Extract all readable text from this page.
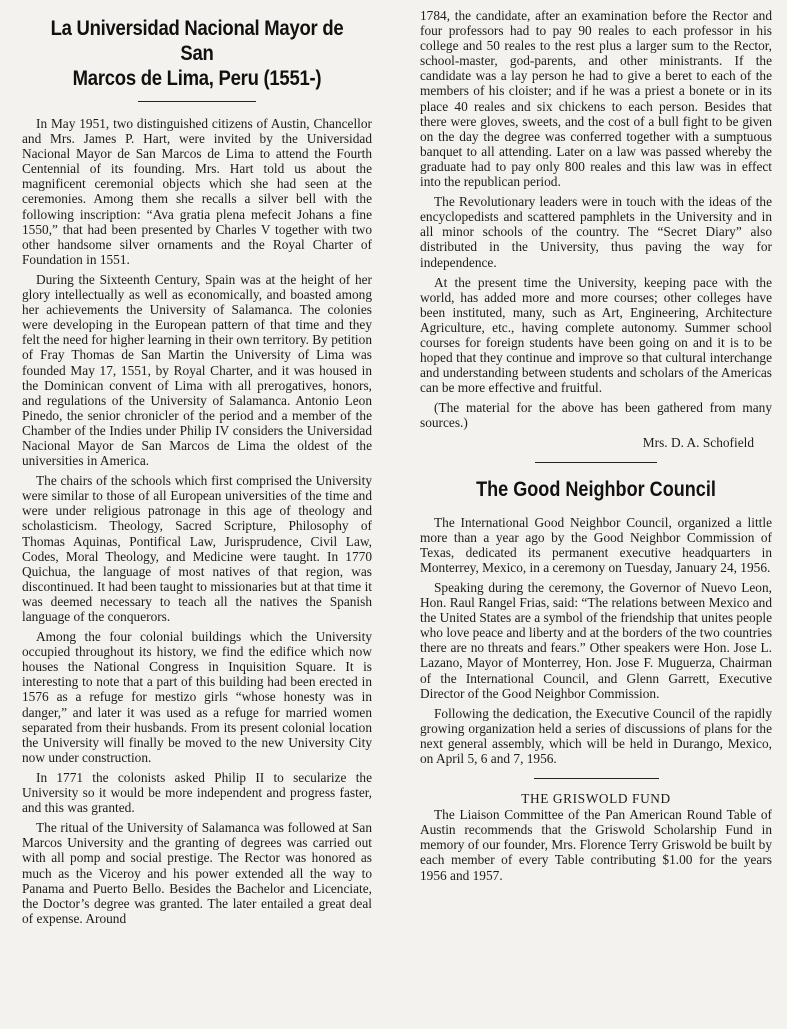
La Universidad Nacional Mayor de San
Marcos de Lima, Peru (1551-)

In May 1951, two distinguished citizens of Austin, Chancellor and Mrs. James P. Hart, were invited by the Universidad Nacional Mayor de San Marcos de Lima to attend the Fourth Centennial of its founding. Mrs. Hart told us about the magnificent ceremonial objects which she had seen at the ceremonies. Among them she recalls a silver bell with the following inscription: “Ava gratia plena mefecit Johans a fine 1550,” that had been presented by Charles V together with two other handsome silver ornaments and the Royal Charter of Foundation in 1551.

During the Sixteenth Century, Spain was at the height of her glory intellectually as well as economically, and boasted among her achievements the University of Salamanca. The colonies were developing in the European pattern of that time and they felt the need for higher learning in their own territory. By petition of Fray Thomas de San Martin the University of Lima was founded May 17, 1551, by Royal Charter, and it was housed in the Dominican convent of Lima with all prerogatives, honors, and regulations of the University of Salamanca. Antonio Leon Pinedo, the senior chronicler of the period and a member of the Chamber of the Indies under Philip IV considers the Universidad Nacional Mayor de San Marcos de Lima the oldest of the universities in America.

The chairs of the schools which first comprised the University were similar to those of all European universities of the time and were under religious patronage in this age of theology and scholasticism. Theology, Sacred Scripture, Philosophy of Thomas Aquinas, Pontifical Law, Jurisprudence, Civil Law, Codes, Moral Theology, and Medicine were taught. In 1770 Quichua, the language of most natives of that region, was discontinued. It had been taught to missionaries but at that time it was deemed necessary to teach all the natives the Spanish language of the conquerors.

Among the four colonial buildings which the University occupied throughout its history, we find the edifice which now houses the National Congress in Inquisition Square. It is interesting to note that a part of this building had been erected in 1576 as a refuge for mestizo girls “whose honesty was in danger,” and later it was used as a refuge for married women separated from their husbands. From its present colonial location the University will finally be moved to the new University City now under construction.

In 1771 the colonists asked Philip II to secularize the University so it would be more independent and progress faster, and this was granted.

The ritual of the University of Salamanca was followed at San Marcos University and the granting of degrees was carried out with all pomp and social prestige. The Rector was honored as much as the Viceroy and his power extended all the way to Panama and Puerto Bello. Besides the Bachelor and Licenciate, the Doctor’s degree was granted. The later entailed a great deal of expense. Around

1784, the candidate, after an examination before the Rector and four professors had to pay 90 reales to each professor in his college and 50 reales to the rest plus a larger sum to the Rector, school-master, god-parents, and other ministrants. If the candidate was a lay person he had to give a beret to each of the members of his cloister; and if he was a priest a bonete or in its place 40 reales and six chickens to each person. Besides that there were gloves, sweets, and the cost of a bull fight to be given on the day the degree was conferred together with a sumptuous banquet to all attending. Later on a law was passed whereby the graduate had to pay only 800 reales and this law was in effect into the republican period.

The Revolutionary leaders were in touch with the ideas of the encyclopedists and scattered pamphlets in the University and in all minor schools of the country. The “Secret Diary” also distributed in the University, thus paving the way for independence.

At the present time the University, keeping pace with the world, has added more and more courses; other colleges have been instituted, many, such as Art, Engineering, Architecture Agriculture, etc., having complete autonomy. Summer school courses for foreign students have been going on and it is to be hoped that they continue and improve so that cultural interchange and understanding between students and scholars of the Americas can be more effective and fruitful.

(The material for the above has been gathered from many sources.)

Mrs. D. A. Schofield
The Good Neighbor Council

The International Good Neighbor Council, organized a little more than a year ago by the Good Neighbor Commission of Texas, dedicated its permanent executive headquarters in Monterrey, Mexico, in a ceremony on Tuesday, January 24, 1956.

Speaking during the ceremony, the Governor of Nuevo Leon, Hon. Raul Rangel Frias, said: “The relations between Mexico and the United States are a symbol of the friendship that unites people who love peace and liberty and at the borders of the two countries there are no threats and fears.” Other speakers were Hon. Jose L. Lazano, Mayor of Monterrey, Hon. Jose F. Muguerza, Chairman of the International Council, and Glenn Garrett, Executive Director of the Good Neighbor Commission.

Following the dedication, the Executive Council of the rapidly growing organization held a series of discussions of plans for the next general assembly, which will be held in Durango, Mexico, on April 5, 6 and 7, 1956.

THE GRISWOLD FUND

The Liaison Committee of the Pan American Round Table of Austin recommends that the Griswold Scholarship Fund in memory of our founder, Mrs. Florence Terry Griswold be built by each member of every Table contributing $1.00 for the years 1956 and 1957.
